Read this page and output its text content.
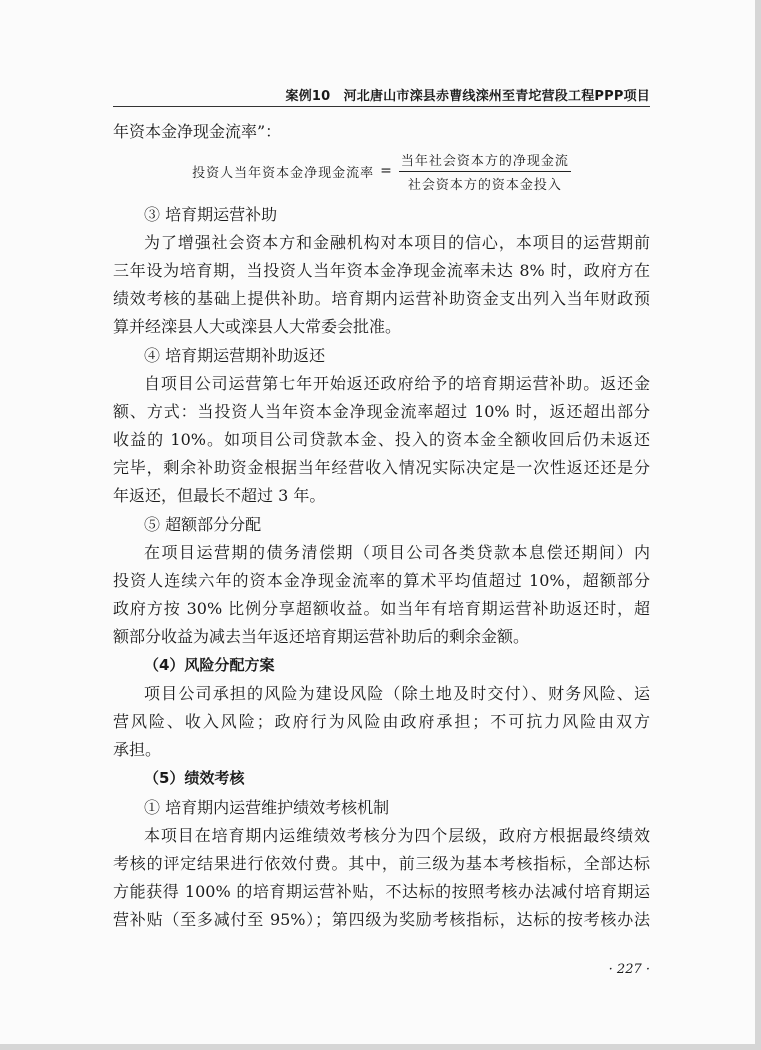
案例10　河北唐山市滦县赤曹线滦州至青坨营段工程PPP项目
年资本金净现金流率”：
投资人当年资本金净现金流率 = $\frac{\text{当年社会资本方的净现金流}}{\text{社会资本方的资本金投入}}$
③ 培育期运营补助
为了增强社会资本方和金融机构对本项目的信心，本项目的运营期前
三年设为培育期，当投资人当年资本金净现金流率未达 8% 时，政府方在
绩效考核的基础上提供补助。培育期内运营补助资金支出列入当年财政预
算并经滦县人大或滦县人大常委会批准。
④ 培育期运营期补助返还
自项目公司运营第七年开始返还政府给予的培育期运营补助。返还金
额、方式：当投资人当年资本金净现金流率超过 10% 时，返还超出部分
收益的 10%。如项目公司贷款本金、投入的资本金全额收回后仍未返还
完毕，剩余补助资金根据当年经营收入情况实际决定是一次性返还还是分
年返还，但最长不超过 3 年。
⑤ 超额部分分配
在项目运营期的债务清偿期（项目公司各类贷款本息偿还期间）内
投资人连续六年的资本金净现金流率的算术平均值超过 10%，超额部分
政府方按 30% 比例分享超额收益。如当年有培育期运营补助返还时，超
额部分收益为减去当年返还培育期运营补助后的剩余金额。
（4）风险分配方案
项目公司承担的风险为建设风险（除土地及时交付）、财务风险、运
营风险、收入风险；政府行为风险由政府承担；不可抗力风险由双方
承担。
（5）绩效考核
① 培育期内运营维护绩效考核机制
本项目在培育期内运维绩效考核分为四个层级，政府方根据最终绩效
考核的评定结果进行依效付费。其中，前三级为基本考核指标，全部达标
方能获得 100% 的培育期运营补贴，不达标的按照考核办法减付培育期运
营补贴（至多减付至 95%）；第四级为奖励考核指标，达标的按考核办法
· 227 ·
